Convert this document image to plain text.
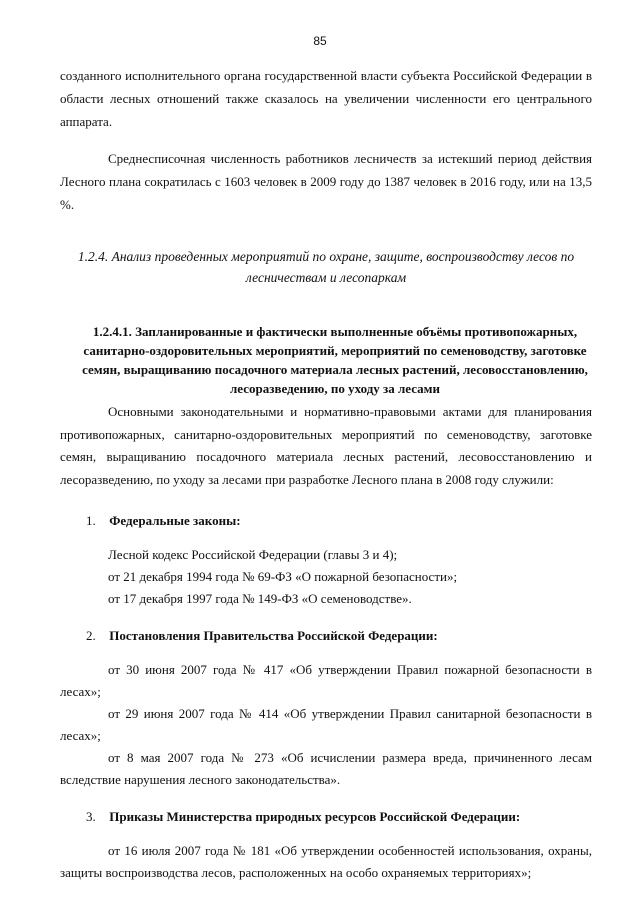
85

созданного исполнительного органа государственной власти субъекта Российской Федерации в области лесных отношений также сказалось на увеличении численности его центрального аппарата.

Среднесписочная численность работников лесничеств за истекший период действия Лесного плана сократилась с 1603 человек в 2009 году до 1387 человек в 2016 году, или на 13,5 %.

1.2.4. Анализ проведенных мероприятий по охране, защите, воспроизводству лесов по лесничествам и лесопаркам

1.2.4.1. Запланированные и фактически выполненные объёмы противопожарных, санитарно-оздоровительных мероприятий, мероприятий по семеноводству, заготовке семян, выращиванию посадочного материала лесных растений, лесовосстановлению, лесоразведению, по уходу за лесами

Основными законодательными и нормативно-правовыми актами для планирования противопожарных, санитарно-оздоровительных мероприятий по семеноводству, заготовке семян, выращиванию посадочного материала лесных растений, лесовосстановлению и лесоразведению, по уходу за лесами при разработке Лесного плана в 2008 году служили:

1. Федеральные законы:

Лесной кодекс Российской Федерации (главы 3 и 4);

от 21 декабря 1994 года № 69-ФЗ «О пожарной безопасности»;

от 17 декабря 1997 года № 149-ФЗ «О семеноводстве».

2. Постановления Правительства Российской Федерации:

от 30 июня 2007 года № 417 «Об утверждении Правил пожарной безопасности в лесах»;

от 29 июня 2007 года № 414 «Об утверждении Правил санитарной безопасности в лесах»;

от 8 мая 2007 года № 273 «Об исчислении размера вреда, причиненного лесам вследствие нарушения лесного законодательства».

3. Приказы Министерства природных ресурсов Российской Федерации:

от 16 июля 2007 года № 181 «Об утверждении особенностей использования, охраны, защиты воспроизводства лесов, расположенных на особо охраняемых территориях»;
